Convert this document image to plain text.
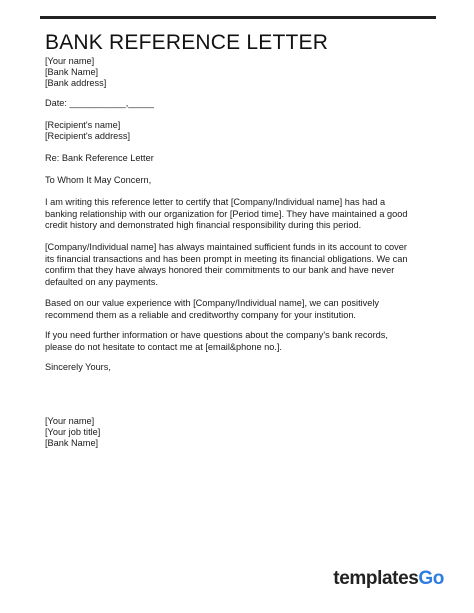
BANK REFERENCE LETTER

[Your name]

[Bank Name]

[Bank address]

Date: ___________,_____

[Recipient's name]

[Recipient's address]

Re: Bank Reference Letter

To Whom It May Concern,

I am writing this reference letter to certify that [Company/Individual name] has had a banking relationship with our organization for [Period time]. They have maintained a good credit history and demonstrated high financial responsibility during this period.

[Company/Individual name] has always maintained sufficient funds in its account to cover its financial transactions and has been prompt in meeting its financial obligations. We can confirm that they have always honored their commitments to our bank and have never defaulted on any payments.

Based on our value experience with [Company/Individual name], we can positively recommend them as a reliable and creditworthy company for your institution.

If you need further information or have questions about the company's bank records, please do not hesitate to contact me at [email&phone no.].

Sincerely Yours,

[Your name]

[Your job title]

[Bank Name]

templatesGo
